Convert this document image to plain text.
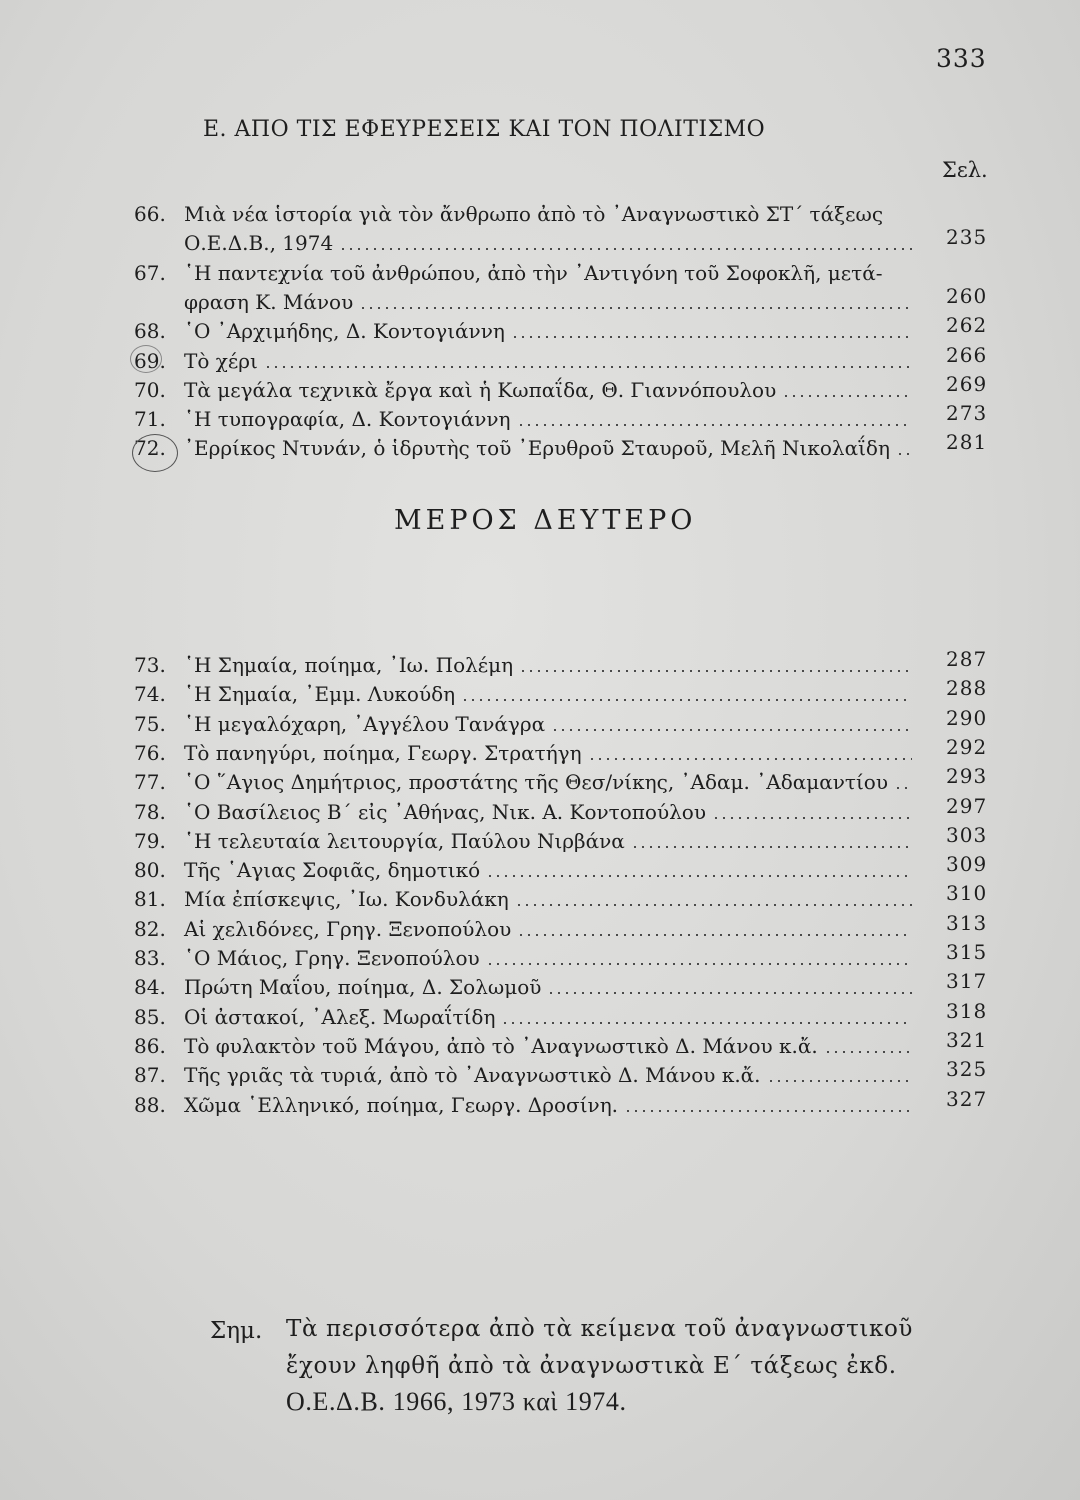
333
Ε. ΑΠΟ ΤΙΣ ΕΦΕΥΡΕΣΕΙΣ ΚΑΙ ΤΟΝ ΠΟΛΙΤΙΣΜΟ
Σελ.
66. Μιὰ νέα ἱστορία γιὰ τὸν ἄνθρωπο ἀπὸ τὸ ᾿Αναγνωστικὸ ΣΤ΄ τάξεως
Ο.Ε.Δ.Β., 1974	235
67. ῾Η παντεχνία τοῦ ἀνθρώπου, ἀπὸ τὴν ᾿Αντιγόνη τοῦ Σοφοκλῆ, μετά-
φραση Κ. Μάνου	260
68. ῾Ο ᾿Αρχιμήδης, Δ. Κοντογιάννη	262
69. Τὸ χέρι	266
70. Τὰ μεγάλα τεχνικὰ ἔργα καὶ ἡ Κωπαΐδα, Θ. Γιαννόπουλου	269
71. ῾Η τυπογραφία, Δ. Κοντογιάννη	273
72. ᾿Ερρίκος Ντυνάν, ὁ ἱδρυτὴς τοῦ ᾿Ερυθροῦ Σταυροῦ, Μελῆ Νικολαΐδη	281
ΜΕΡΟΣ ΔΕΥΤΕΡΟ
73. ῾Η Σημαία, ποίημα, ᾿Ιω. Πολέμη	287
74. ῾Η Σημαία, ᾿Εμμ. Λυκούδη	288
75. ῾Η μεγαλόχαρη, ᾿Αγγέλου Τανάγρα	290
76. Τὸ πανηγύρι, ποίημα, Γεωργ. Στρατήγη	292
77. ῾Ο ῞Αγιος Δημήτριος, προστάτης τῆς Θεσ/νίκης, ᾿Αδαμ. ᾿Αδαμαντίου	293
78. ῾Ο Βασίλειος Β΄ εἰς ᾿Αθήνας, Νικ. Α. Κοντοπούλου	297
79. ῾Η τελευταία λειτουργία, Παύλου Νιρβάνα	303
80. Τῆς ῾Αγιας Σοφιᾶς, δημοτικό	309
81. Μία ἐπίσκεψις, ᾿Ιω. Κονδυλάκη	310
82. Αἱ χελιδόνες, Γρηγ. Ξενοπούλου	313
83. ῾Ο Μάιος, Γρηγ. Ξενοπούλου	315
84. Πρώτη Μαΐου, ποίημα, Δ. Σολωμοῦ	317
85. Οἱ ἀστακοί, ᾿Αλεξ. Μωραΐτίδη	318
86. Τὸ φυλακτὸν τοῦ Μάγου, ἀπὸ τὸ ᾿Αναγνωστικὸ Δ. Μάνου κ.ἄ.	321
87. Τῆς γριᾶς τὰ τυριά, ἀπὸ τὸ ᾿Αναγνωστικὸ Δ. Μάνου κ.ἄ.	325
88. Χῶμα ῾Ελληνικό, ποίημα, Γεωργ. Δροσίνη.	327
Σημ. Τὰ περισσότερα ἀπὸ τὰ κείμενα τοῦ ἀναγνωστικοῦ
ἔχουν ληφθῆ ἀπὸ τὰ ἀναγνωστικὰ Ε΄ τάξεως ἐκδ.
Ο.Ε.Δ.Β. 1966, 1973 καὶ 1974.
